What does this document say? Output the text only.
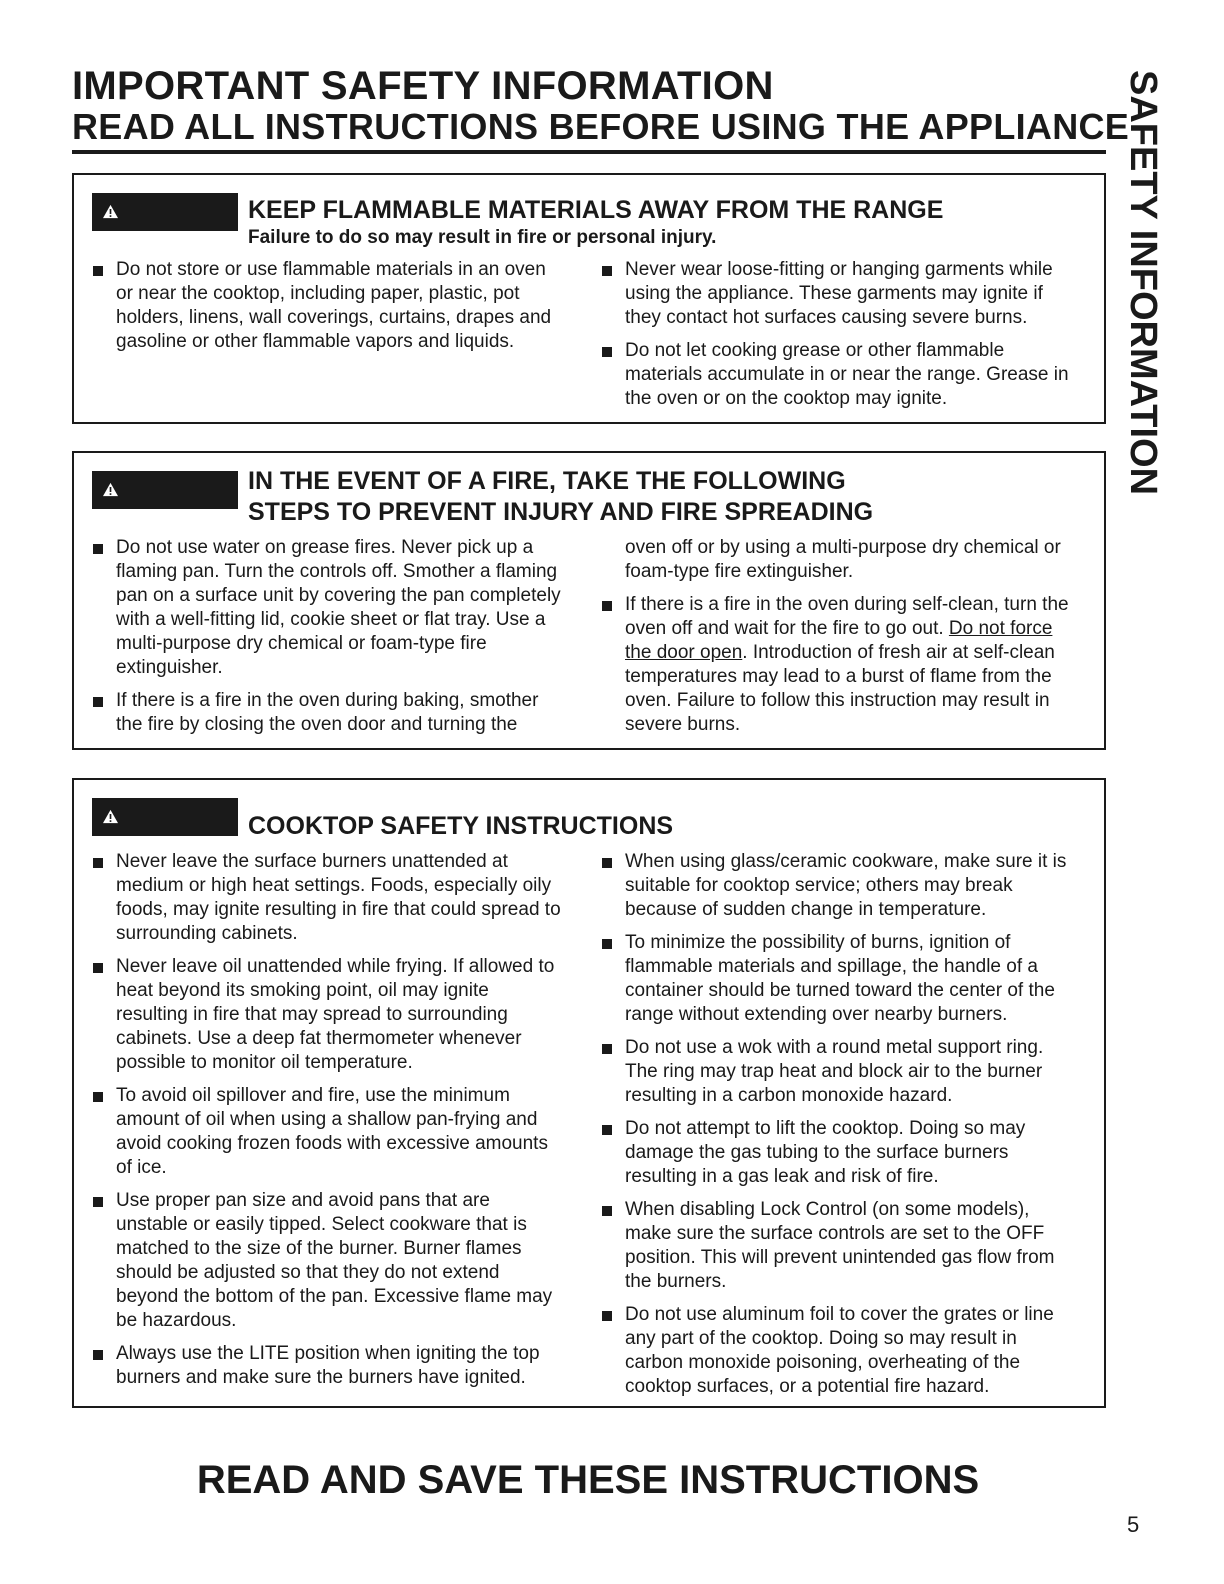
IMPORTANT SAFETY INFORMATION
READ ALL INSTRUCTIONS BEFORE USING THE APPLIANCE
SAFETY INFORMATION
KEEP FLAMMABLE MATERIALS AWAY FROM THE RANGE
Failure to do so may result in fire or personal injury.
Do not store or use flammable materials in an oven or near the cooktop, including paper, plastic, pot holders, linens, wall coverings, curtains, drapes and gasoline or other flammable vapors and liquids.
Never wear loose-fitting or hanging garments while using the appliance. These garments may ignite if they contact hot surfaces causing severe burns.
Do not let cooking grease or other flammable materials accumulate in or near the range. Grease in the oven or on the cooktop may ignite.
IN THE EVENT OF A FIRE, TAKE THE FOLLOWING
STEPS TO PREVENT INJURY AND FIRE SPREADING
Do not use water on grease fires. Never pick up a flaming pan. Turn the controls off. Smother a flaming pan on a surface unit by covering the pan completely with a well-fitting lid, cookie sheet or flat tray. Use a multi-purpose dry chemical or foam-type fire extinguisher.
If there is a fire in the oven during baking, smother the fire by closing the oven door and turning the
oven off or by using a multi-purpose dry chemical or foam-type fire extinguisher.
If there is a fire in the oven during self-clean, turn the oven off and wait for the fire to go out. Do not force the door open. Introduction of fresh air at self-clean temperatures may lead to a burst of flame from the oven. Failure to follow this instruction may result in severe burns.
COOKTOP SAFETY INSTRUCTIONS
Never leave the surface burners unattended at medium or high heat settings. Foods, especially oily foods, may ignite resulting in fire that could spread to surrounding cabinets.
Never leave oil unattended while frying. If allowed to heat beyond its smoking point, oil may ignite resulting in fire that may spread to surrounding cabinets. Use a deep fat thermometer whenever possible to monitor oil temperature.
To avoid oil spillover and fire, use the minimum amount of oil when using a shallow pan-frying and avoid cooking frozen foods with excessive amounts of ice.
Use proper pan size and avoid pans that are unstable or easily tipped. Select cookware that is matched to the size of the burner. Burner flames should be adjusted so that they do not extend beyond the bottom of the pan. Excessive flame may be hazardous.
Always use the LITE position when igniting the top burners and make sure the burners have ignited.
When using glass/ceramic cookware, make sure it is suitable for cooktop service; others may break because of sudden change in temperature.
To minimize the possibility of burns, ignition of flammable materials and spillage, the handle of a container should be turned toward the center of the range without extending over nearby burners.
Do not use a wok with a round metal support ring. The ring may trap heat and block air to the burner resulting in a carbon monoxide hazard.
Do not attempt to lift the cooktop. Doing so may damage the gas tubing to the surface burners resulting in a gas leak and risk of fire.
When disabling Lock Control (on some models), make sure the surface controls are set to the OFF position. This will prevent unintended gas flow from the burners.
Do not use aluminum foil to cover the grates or line any part of the cooktop. Doing so may result in carbon monoxide poisoning, overheating of the cooktop surfaces, or a potential fire hazard.
READ AND SAVE THESE INSTRUCTIONS
5
